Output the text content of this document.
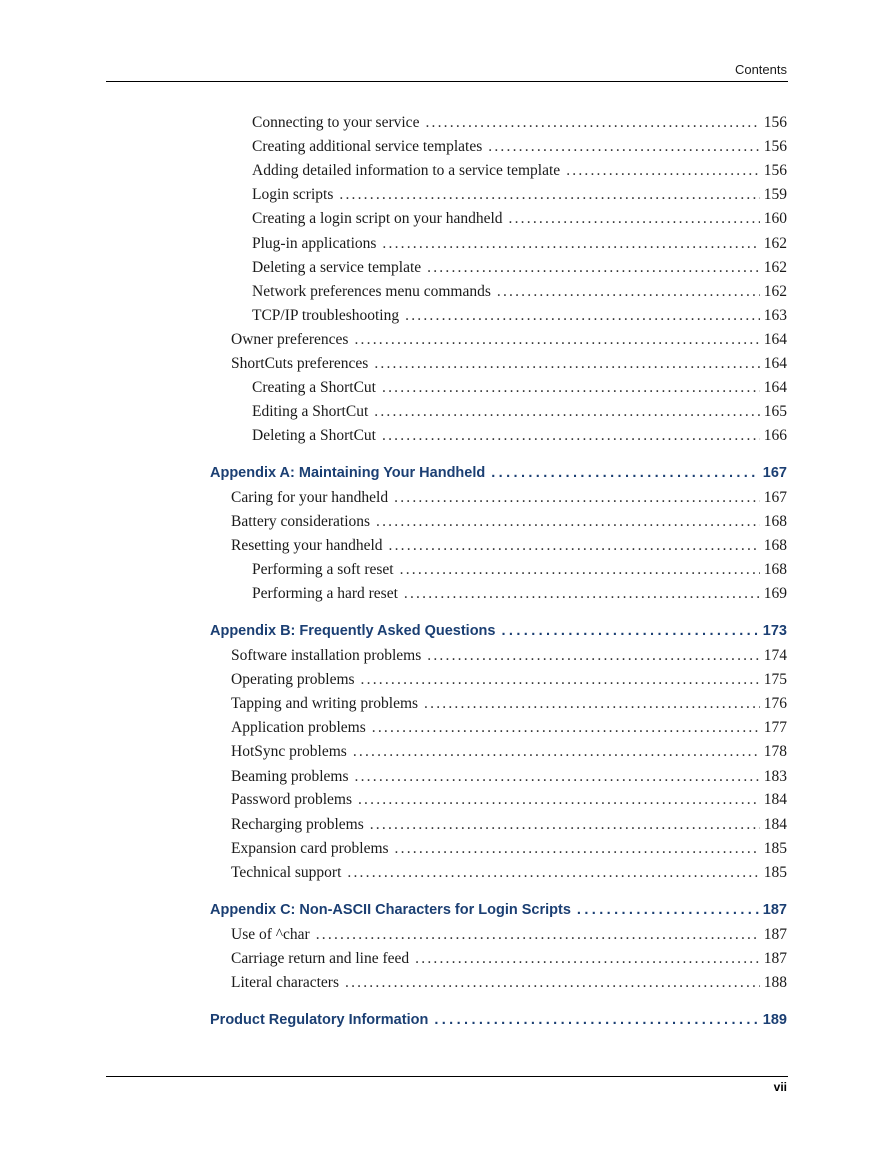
Contents
Connecting to your service .....	156
Creating additional service templates .....	156
Adding detailed information to a service template .....	156
Login scripts .....	159
Creating a login script on your handheld .....	160
Plug-in applications .....	162
Deleting a service template .....	162
Network preferences menu commands .....	162
TCP/IP troubleshooting .....	163
Owner preferences .....	164
ShortCuts preferences .....	164
Creating a ShortCut .....	164
Editing a ShortCut .....	165
Deleting a ShortCut .....	166
Appendix A: Maintaining Your Handheld .....	167
Caring for your handheld .....	167
Battery considerations .....	168
Resetting your handheld .....	168
Performing a soft reset .....	168
Performing a hard reset .....	169
Appendix B: Frequently Asked Questions .....	173
Software installation problems .....	174
Operating problems .....	175
Tapping and writing problems .....	176
Application problems .....	177
HotSync problems .....	178
Beaming problems .....	183
Password problems .....	184
Recharging problems .....	184
Expansion card problems .....	185
Technical support .....	185
Appendix C: Non-ASCII Characters for Login Scripts .....	187
Use of ^char .....	187
Carriage return and line feed .....	187
Literal characters .....	188
Product Regulatory Information .....	189
vii
